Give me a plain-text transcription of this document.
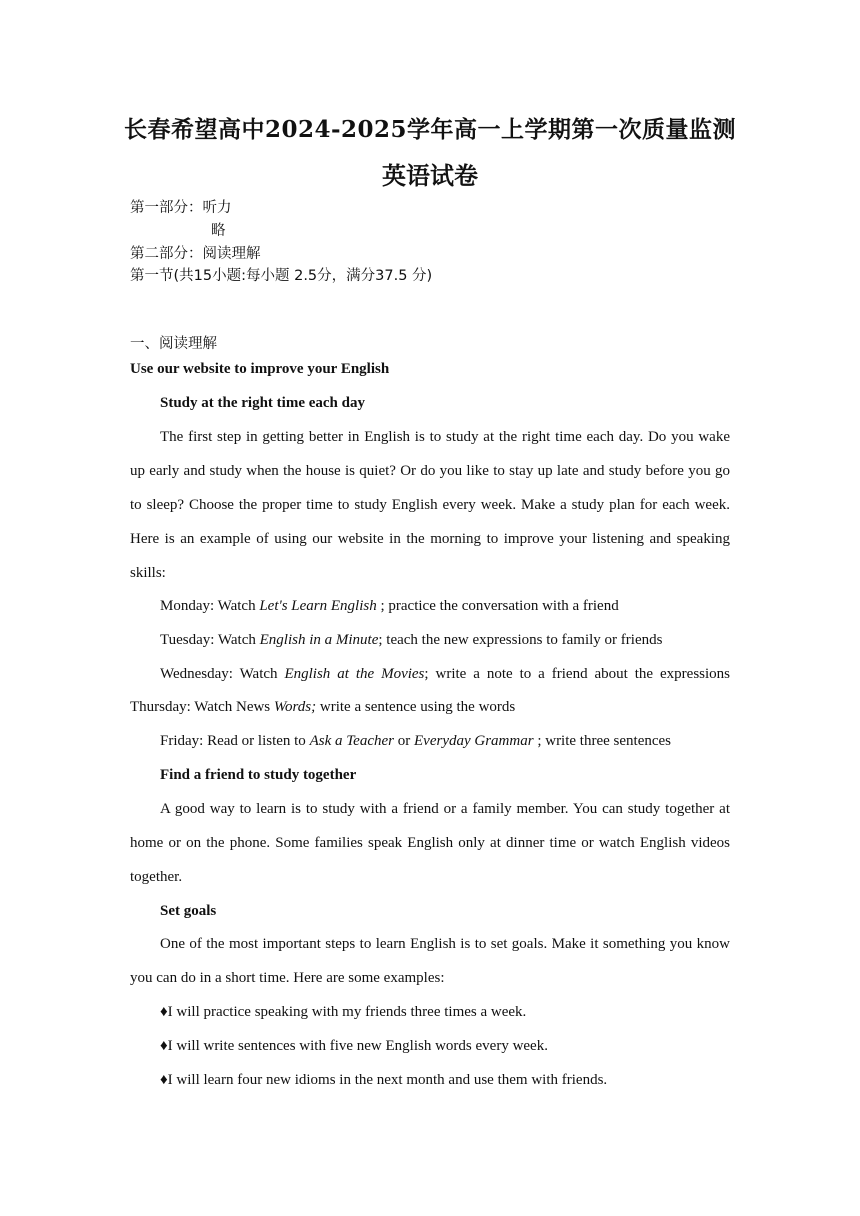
长春希望高中2024-2025学年高一上学期第一次质量监测
英语试卷
第一部分：听力
略
第二部分：阅读理解
第一节(共15小题:每小题 2.5分，满分37.5 分)
一、阅读理解
Use our website to improve your English
Study at the right time each day
The first step in getting better in English is to study at the right time each day. Do you wake
up early and study when the house is quiet? Or do you like to stay up late and study before you go
to sleep? Choose the proper time to study English every week. Make a study plan for each week.
Here is an example of using our website in the morning to improve your listening and speaking
skills:
Monday: Watch Let's Learn English ; practice the conversation with a friend
Tuesday: Watch English in a Minute; teach the new expressions to family or friends
Wednesday: Watch English at the Movies; write a note to a friend about the expressions
Thursday: Watch News Words; write a sentence using the words
Friday: Read or listen to Ask a Teacher or Everyday Grammar ; write three sentences
Find a friend to study together
A good way to learn is to study with a friend or a family member. You can study together at
home or on the phone. Some families speak English only at dinner time or watch English videos
together.
Set goals
One of the most important steps to learn English is to set goals. Make it something you know
you can do in a short time. Here are some examples:
♦I will practice speaking with my friends three times a week.
♦I will write sentences with five new English words every week.
♦I will learn four new idioms in the next month and use them with friends.
